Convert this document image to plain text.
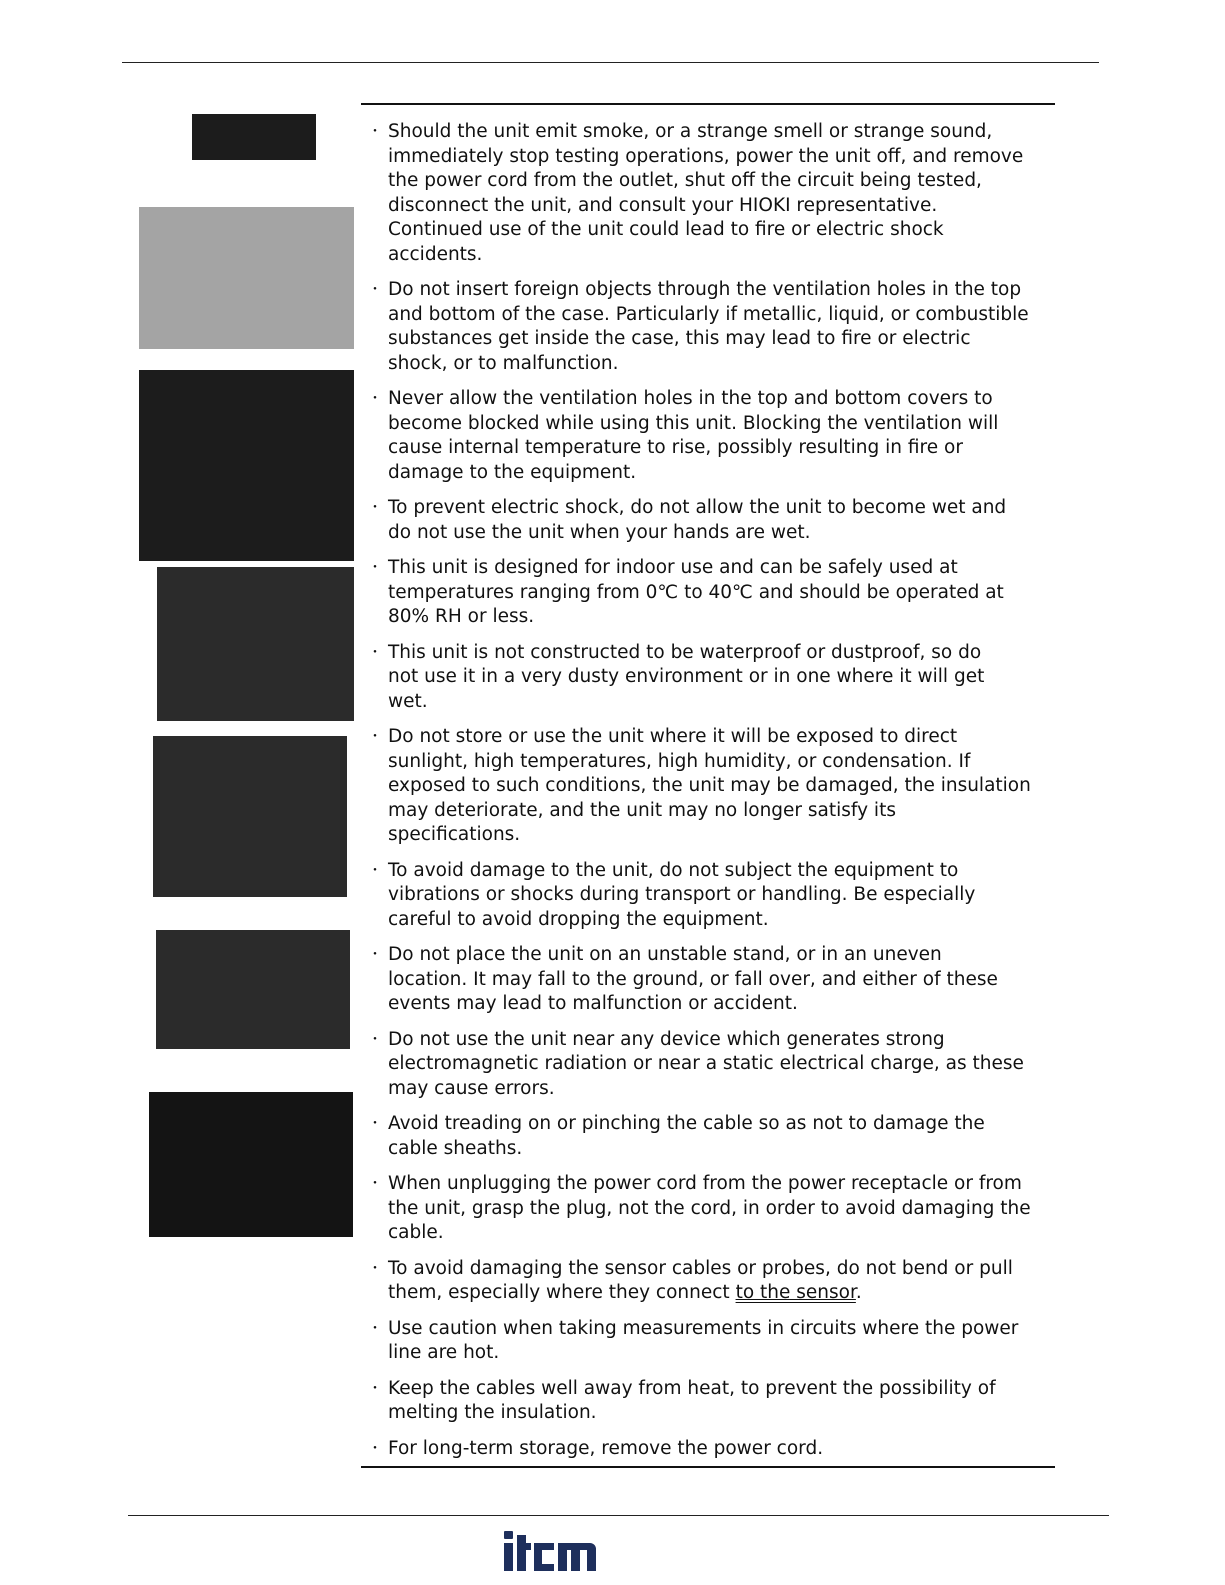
・ Should the unit emit smoke, or a strange smell or strange sound,
immediately stop testing operations, power the unit off, and remove
the power cord from the outlet, shut off the circuit being tested,
disconnect the unit, and consult your HIOKI representative.
Continued use of the unit could lead to fire or electric shock
accidents.
・ Do not insert foreign objects through the ventilation holes in the top
and bottom of the case. Particularly if metallic, liquid, or combustible
substances get inside the case, this may lead to fire or electric
shock, or to malfunction.
・ Never allow the ventilation holes in the top and bottom covers to
become blocked while using this unit. Blocking the ventilation will
cause internal temperature to rise, possibly resulting in fire or
damage to the equipment.
・ To prevent electric shock, do not allow the unit to become wet and
do not use the unit when your hands are wet.
・ This unit is designed for indoor use and can be safely used at
temperatures ranging from 0℃ to 40℃ and should be operated at
80% RH or less.
・ This unit is not constructed to be waterproof or dustproof, so do
not use it in a very dusty environment or in one where it will get
wet.
・ Do not store or use the unit where it will be exposed to direct
sunlight, high temperatures, high humidity, or condensation. If
exposed to such conditions, the unit may be damaged, the insulation
may deteriorate, and the unit may no longer satisfy its
specifications.
・ To avoid damage to the unit, do not subject the equipment to
vibrations or shocks during transport or handling. Be especially
careful to avoid dropping the equipment.
・ Do not place the unit on an unstable stand, or in an uneven
location. It may fall to the ground, or fall over, and either of these
events may lead to malfunction or accident.
・ Do not use the unit near any device which generates strong
electromagnetic radiation or near a static electrical charge, as these
may cause errors.
・ Avoid treading on or pinching the cable so as not to damage the
cable sheaths.
・ When unplugging the power cord from the power receptacle or from
the unit, grasp the plug, not the cord, in order to avoid damaging the
cable.
・ To avoid damaging the sensor cables or probes, do not bend or pull
them, especially where they connect to the sensor.
・ Use caution when taking measurements in circuits where the power
line are hot.
・ Keep the cables well away from heat, to prevent the possibility of
melting the insulation.
・ For long-term storage, remove the power cord.
